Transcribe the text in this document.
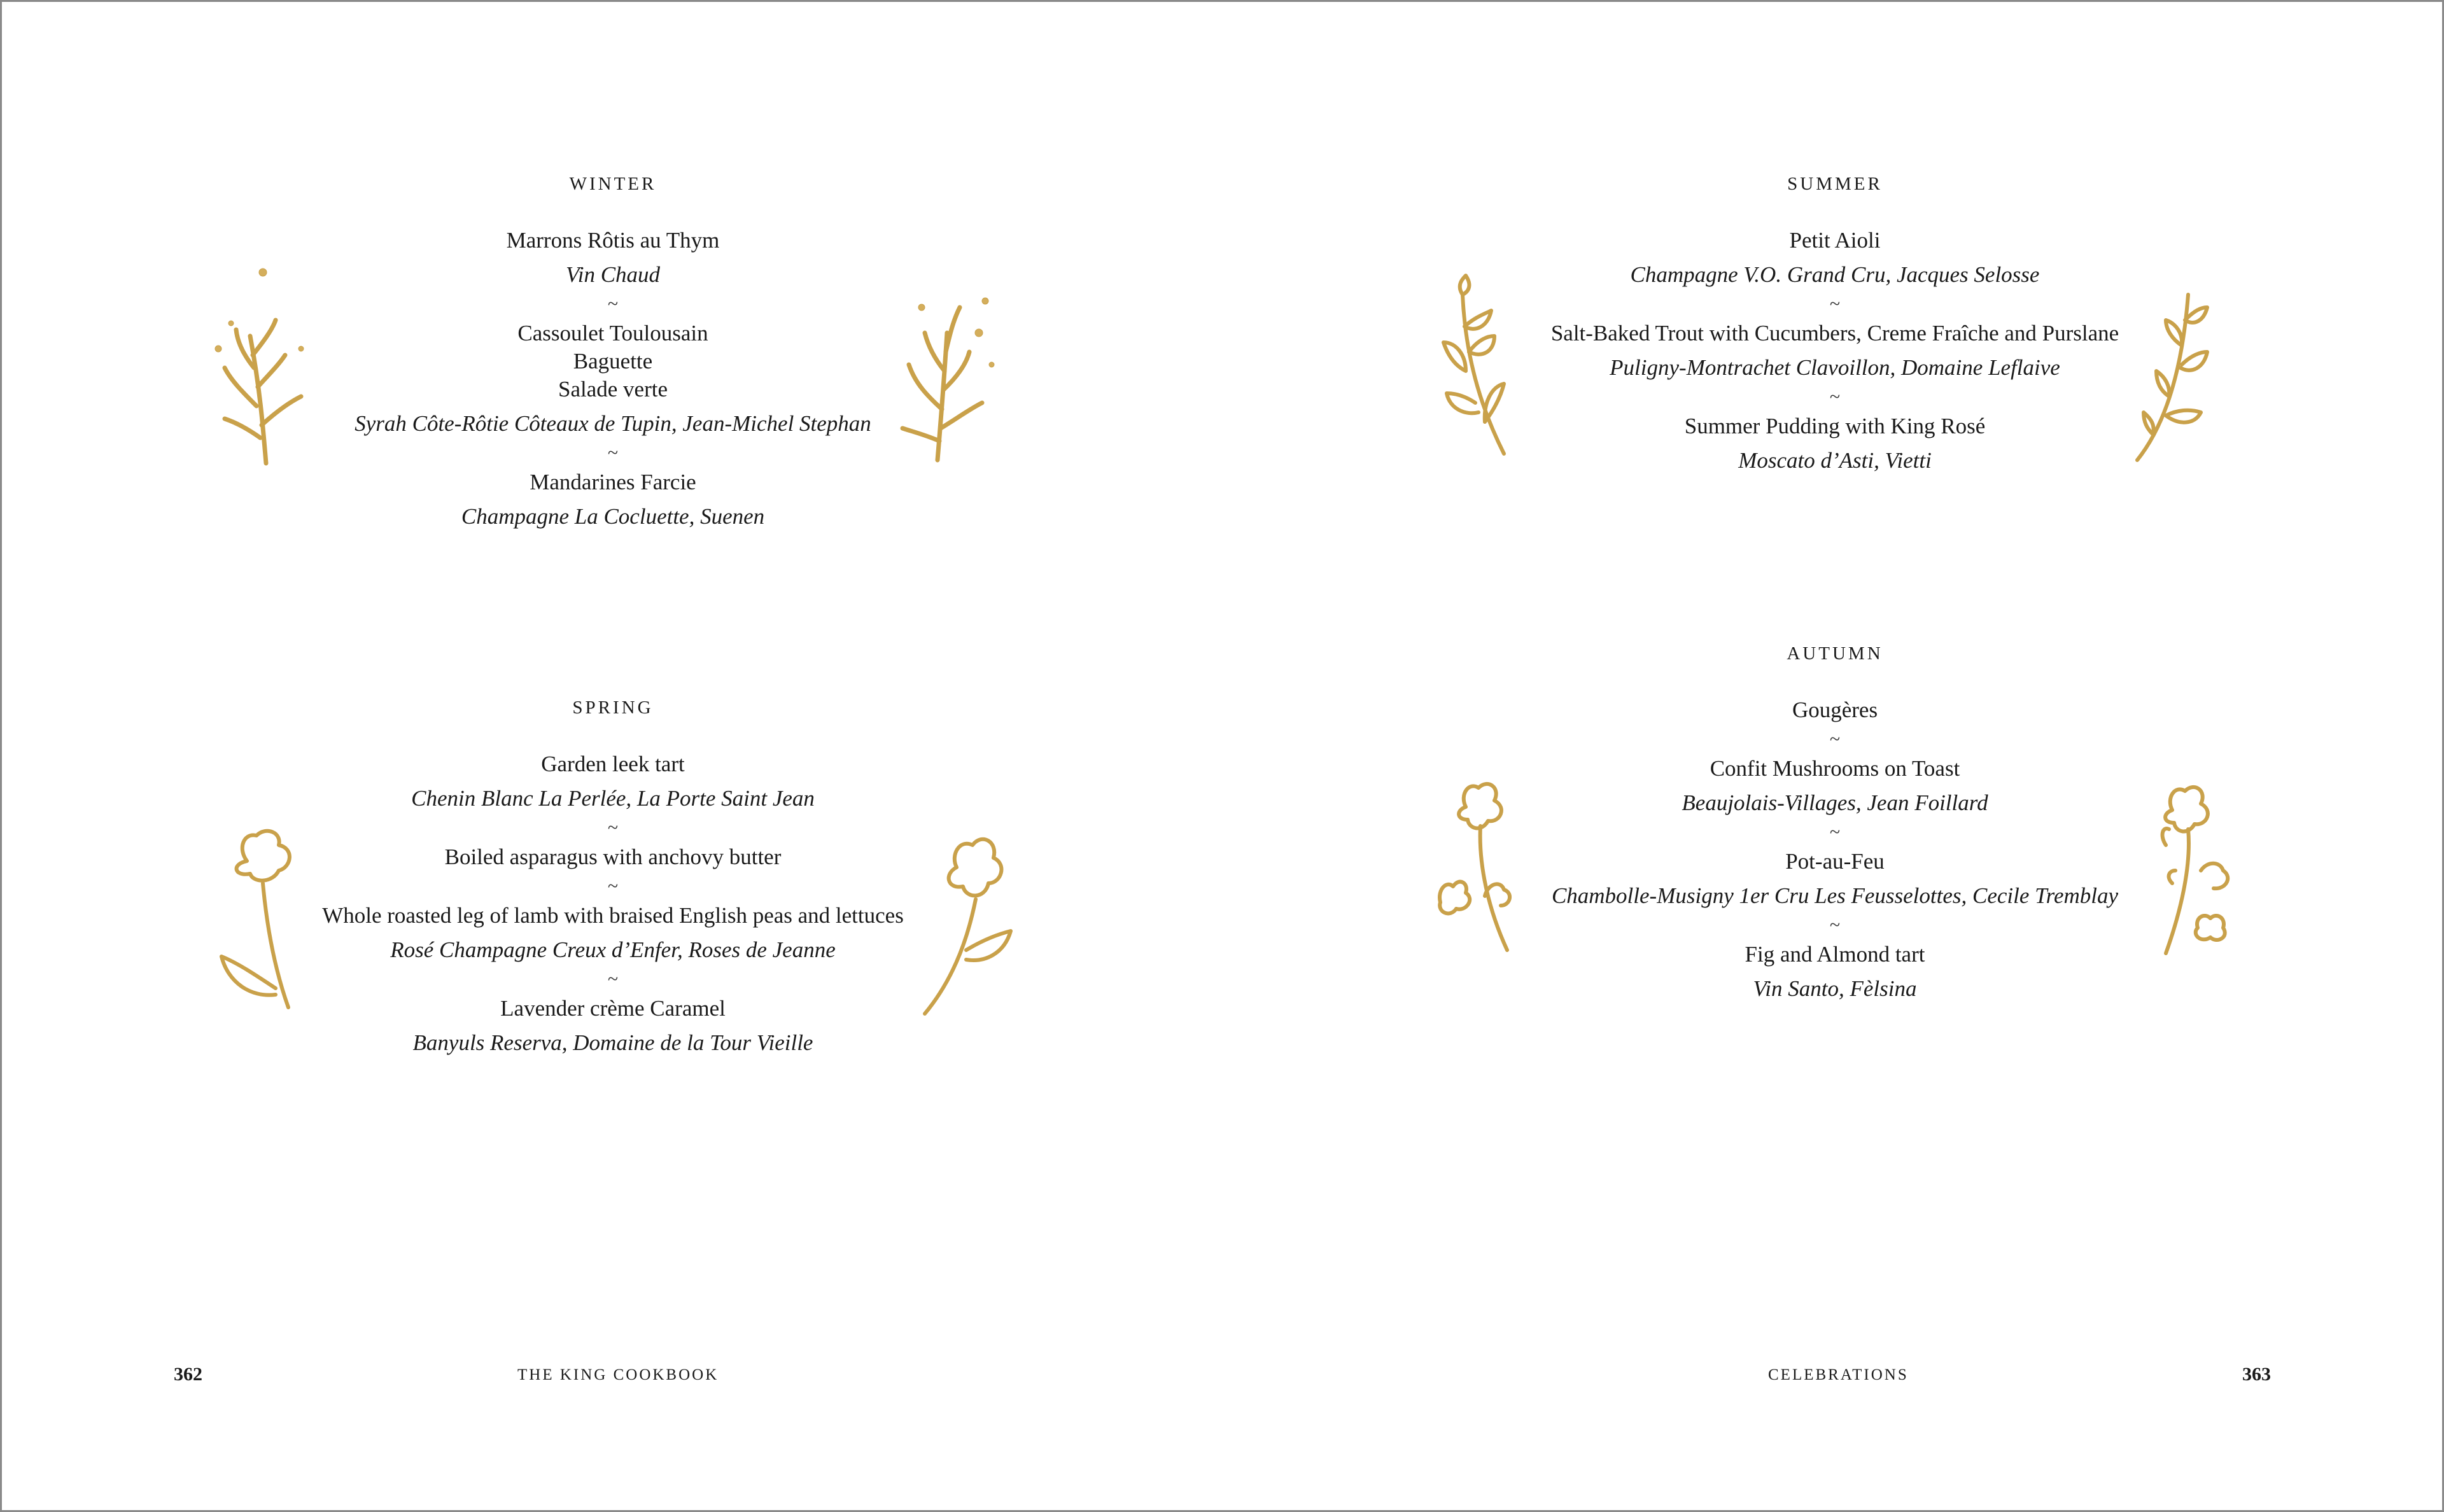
WINTER
Marrons Rôtis au Thym
Vin Chaud
~
Cassoulet Toulousain
Baguette
Salade verte
Syrah Côte-Rôtie Côteaux de Tupin, Jean-Michel Stephan
~
Mandarines Farcie
Champagne La Cocluette, Suenen
SPRING
Garden leek tart
Chenin Blanc La Perlée, La Porte Saint Jean
~
Boiled asparagus with anchovy butter
~
Whole roasted leg of lamb with braised English peas and lettuces
Rosé Champagne Creux d’Enfer, Roses de Jeanne
~
Lavender crème Caramel
Banyuls Reserva, Domaine de la Tour Vieille
SUMMER
Petit Aioli
Champagne V.O. Grand Cru, Jacques Selosse
~
Salt-Baked Trout with Cucumbers, Creme Fraîche and Purslane
Puligny-Montrachet Clavoillon, Domaine Leflaive
~
Summer Pudding with King Rosé
Moscato d’Asti, Vietti
AUTUMN
Gougères
~
Confit Mushrooms on Toast
Beaujolais-Villages, Jean Foillard
~
Pot-au-Feu
Chambolle-Musigny 1er Cru Les Feusselottes, Cecile Tremblay
~
Fig and Almond tart
Vin Santo, Fèlsina
362	THE KING COOKBOOK	CELEBRATIONS	363
